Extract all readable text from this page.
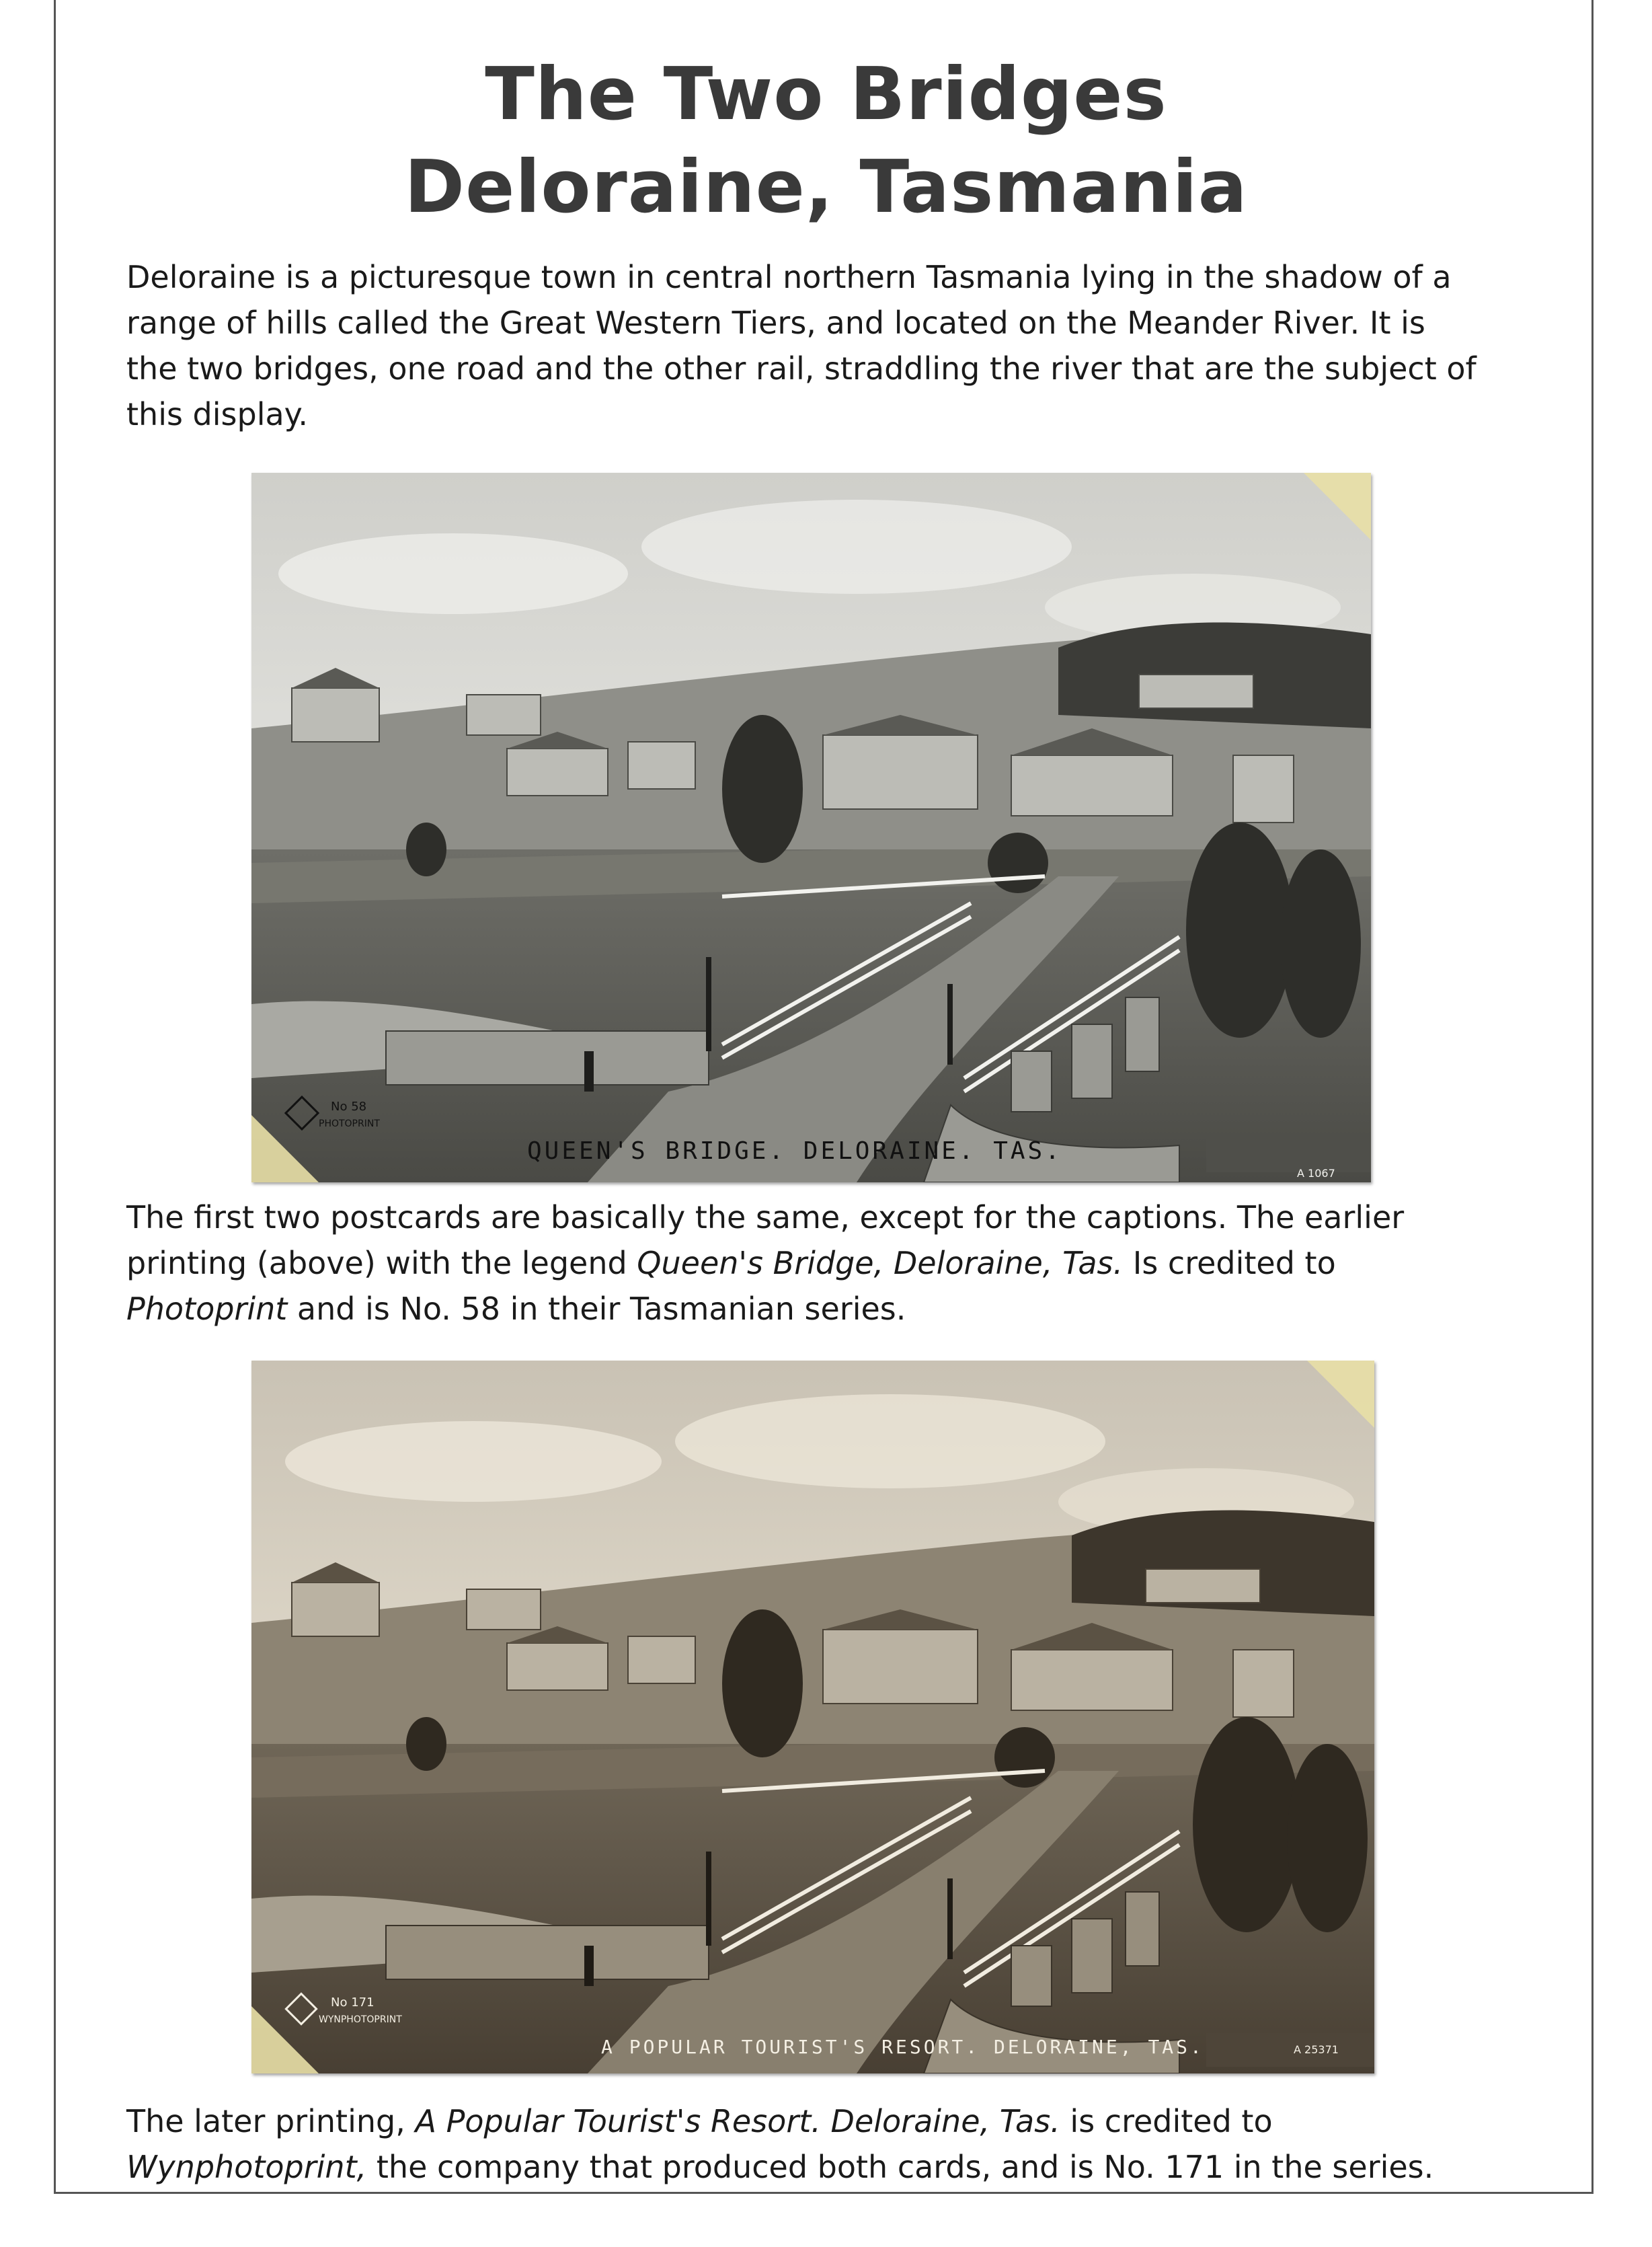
The Two Bridges
Deloraine, Tasmania
Deloraine is a picturesque town in central northern Tasmania lying in the shadow of a
range of hills called the Great Western Tiers, and located on the Meander River. It is
the two bridges, one road and the other rail, straddling the river that are the subject of
this display.
QUEEN'S BRIDGE. DELORAINE. TAS.
No 58
PHOTOPRINT
A 1067
The first two postcards are basically the same, except for the captions. The earlier
printing (above) with the legend Queen's Bridge, Deloraine, Tas. Is credited to
Photoprint and is No. 58 in their Tasmanian series.
A POPULAR TOURIST'S RESORT. DELORAINE, TAS.
No 171
WYNPHOTOPRINT
A 25371
The later printing, A Popular Tourist's Resort. Deloraine, Tas. is credited to
Wynphotoprint, the company that produced both cards, and is No. 171 in the series.
